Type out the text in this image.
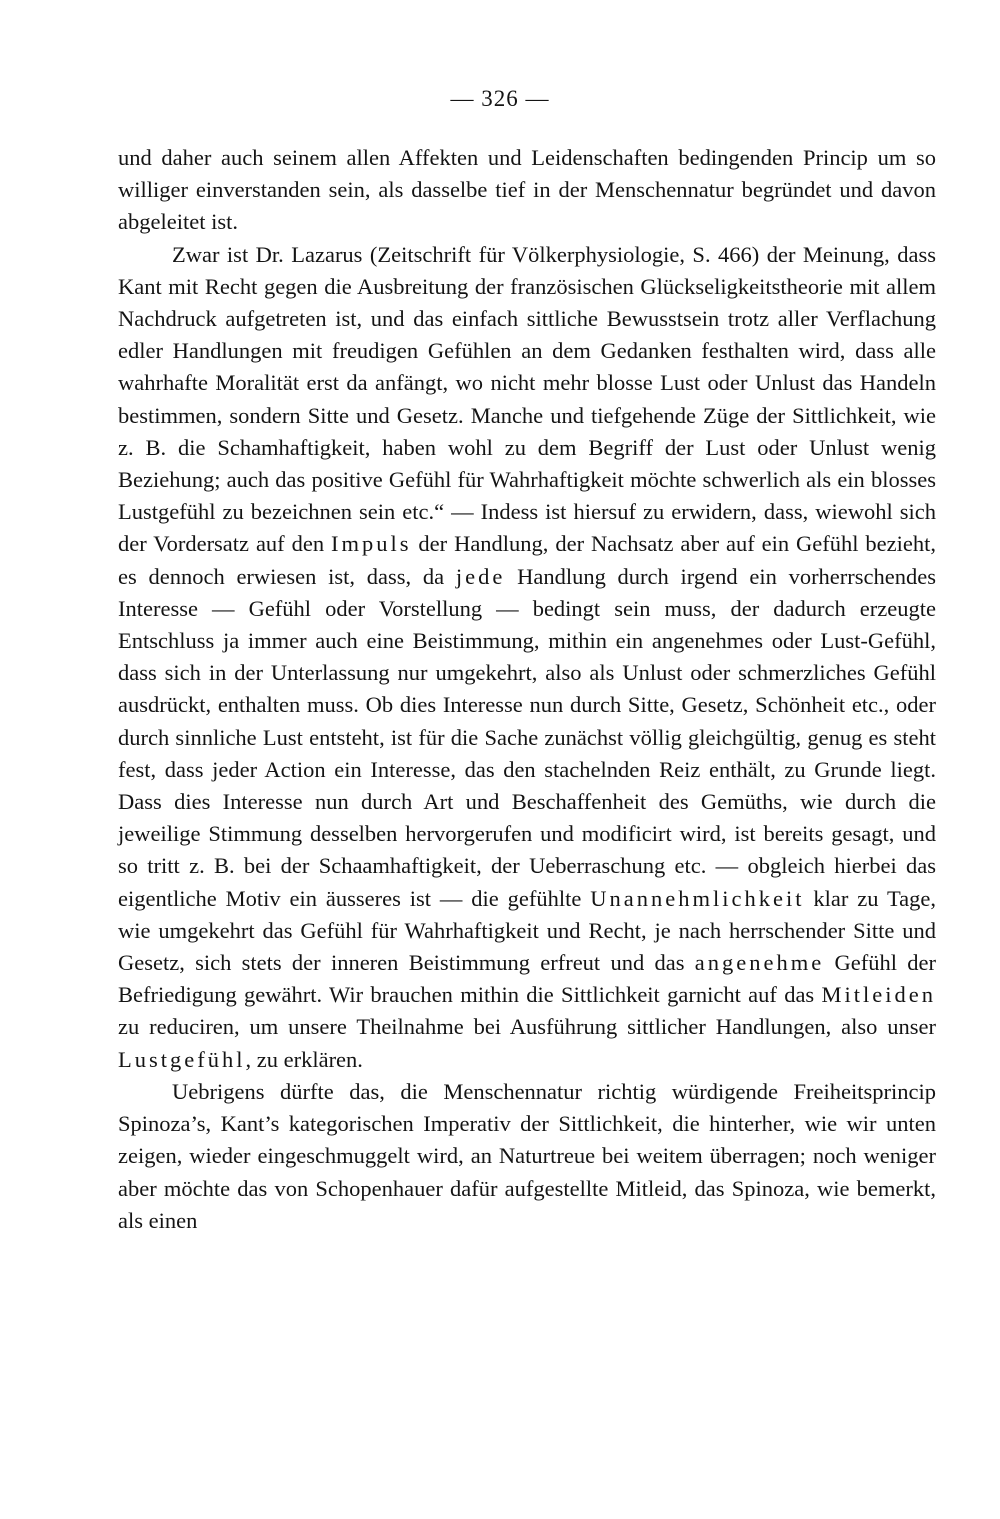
— 326 —

und daher auch seinem allen Affekten und Leidenschaften bedingenden Princip um so williger einverstanden sein, als dasselbe tief in der Menschennatur begründet und davon abgeleitet ist.

Zwar ist Dr. Lazarus (Zeitschrift für Völkerphysiologie, S. 466) der Meinung, dass Kant mit Recht gegen die Ausbreitung der französischen Glückseligkeitstheorie mit allem Nachdruck aufgetreten ist, und das einfach sittliche Bewusstsein trotz aller Verflachung edler Handlungen mit freudigen Gefühlen an dem Gedanken festhalten wird, dass alle wahrhafte Moralität erst da anfängt, wo nicht mehr blosse Lust oder Unlust das Handeln bestimmen, sondern Sitte und Gesetz. Manche und tiefgehende Züge der Sittlichkeit, wie z. B. die Schamhaftigkeit, haben wohl zu dem Begriff der Lust oder Unlust wenig Beziehung; auch das positive Gefühl für Wahrhaftigkeit möchte schwerlich als ein blosses Lustgefühl zu bezeichnen sein etc.“ — Indess ist hiersuf zu erwidern, dass, wiewohl sich der Vordersatz auf den Impuls der Handlung, der Nachsatz aber auf ein Gefühl bezieht, es dennoch erwiesen ist, dass, da jede Handlung durch irgend ein vorherrschendes Interesse — Gefühl oder Vorstellung — bedingt sein muss, der dadurch erzeugte Entschluss ja immer auch eine Beistimmung, mithin ein angenehmes oder Lust-Gefühl, dass sich in der Unterlassung nur umgekehrt, also als Unlust oder schmerzliches Gefühl ausdrückt, enthalten muss. Ob dies Interesse nun durch Sitte, Gesetz, Schönheit etc., oder durch sinnliche Lust entsteht, ist für die Sache zunächst völlig gleichgültig, genug es steht fest, dass jeder Action ein Interesse, das den stachelnden Reiz enthält, zu Grunde liegt. Dass dies Interesse nun durch Art und Beschaffenheit des Gemüths, wie durch die jeweilige Stimmung desselben hervorgerufen und modificirt wird, ist bereits gesagt, und so tritt z. B. bei der Schaamhaftigkeit, der Ueberraschung etc. — obgleich hierbei das eigentliche Motiv ein äusseres ist — die gefühlte Unannehmlichkeit klar zu Tage, wie umgekehrt das Gefühl für Wahrhaftigkeit und Recht, je nach herrschender Sitte und Gesetz, sich stets der inneren Beistimmung erfreut und das angenehme Gefühl der Befriedigung gewährt. Wir brauchen mithin die Sittlichkeit garnicht auf das Mitleiden zu reduciren, um unsere Theilnahme bei Ausführung sittlicher Handlungen, also unser Lustgefühl, zu erklären.

Uebrigens dürfte das, die Menschennatur richtig würdigende Freiheitsprincip Spinoza’s, Kant’s kategorischen Imperativ der Sittlichkeit, die hinterher, wie wir unten zeigen, wieder eingeschmuggelt wird, an Naturtreue bei weitem überragen; noch weniger aber möchte das von Schopenhauer dafür aufgestellte Mitleid, das Spinoza, wie bemerkt, als einen
